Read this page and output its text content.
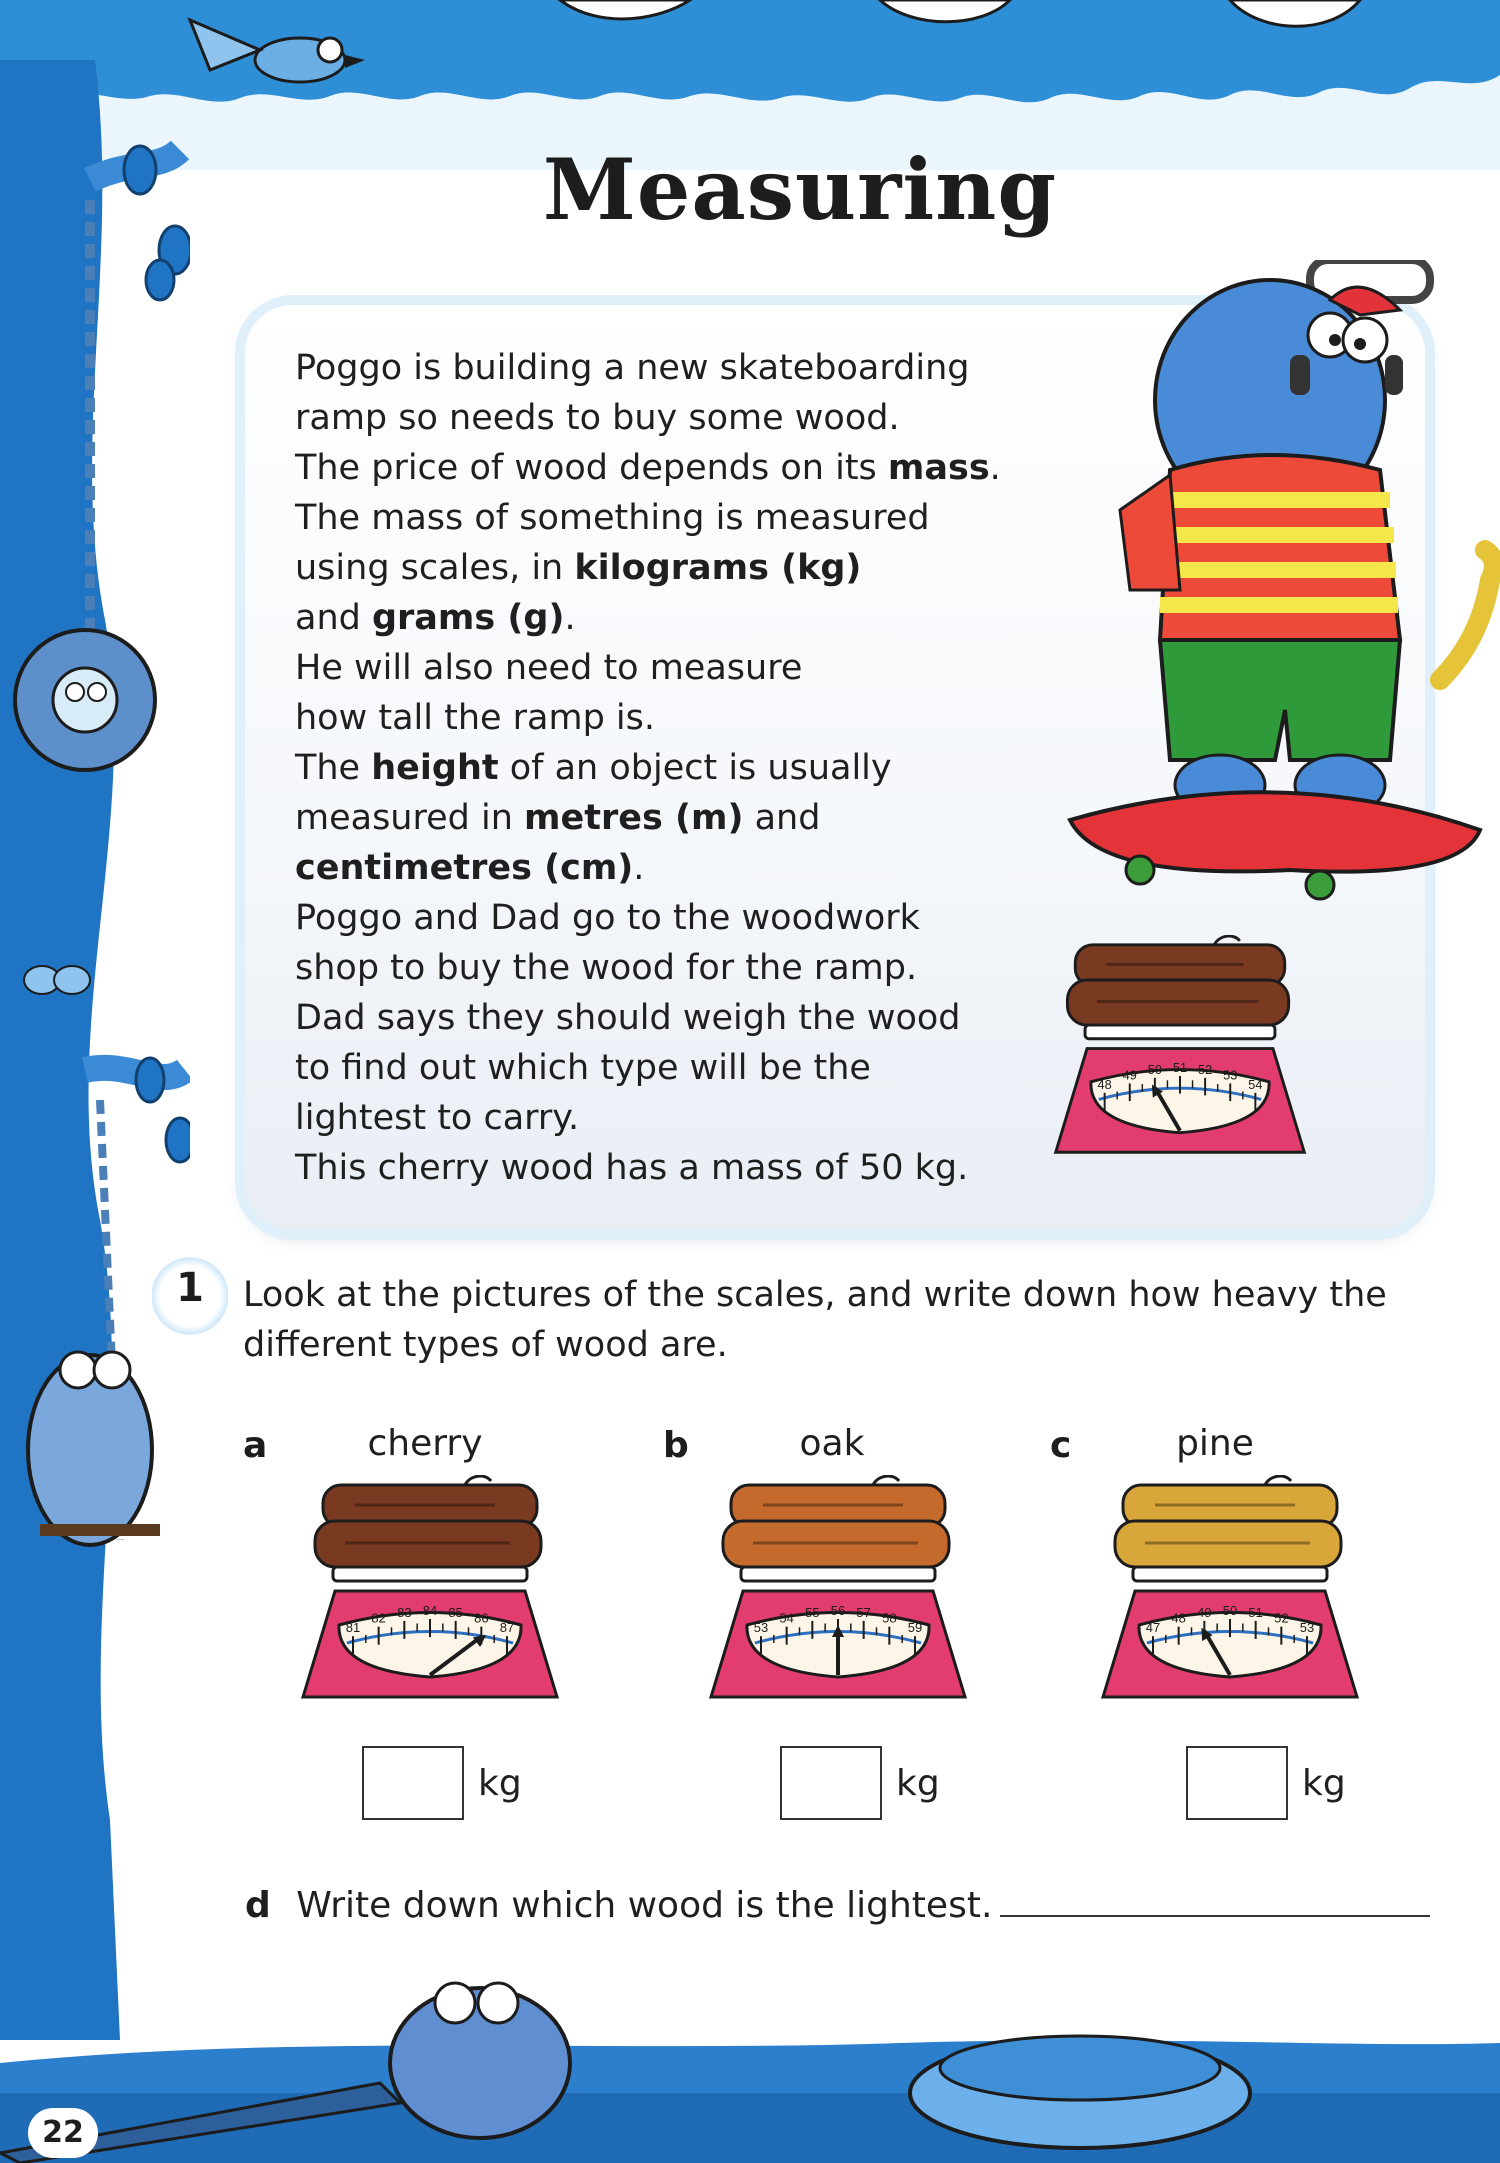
Measuring

Poggo is building a new skateboarding

ramp so needs to buy some wood.

The price of wood depends on its mass.

The mass of something is measured

using scales, in kilograms (kg)

and grams (g).

He will also need to measure

how tall the ramp is.

The height of an object is usually

measured in metres (m) and

centimetres (cm).

Poggo and Dad go to the woodwork

shop to buy the wood for the ramp.

Dad says they should weigh the wood

to find out which type will be the

lightest to carry.

This cherry wood has a mass of 50 kg.

48
49 50 51 52 53
54
1	Look at the pictures of the scales, and write down how heavy the different types of wood are.

a	cherry
81
82 83 84 85 86
87
kg
b	oak
53
54 55 56 57 58
59
kg
c	pine
47
48 49 50 51 52
53
kg
d Write down which wood is the lightest.
22
